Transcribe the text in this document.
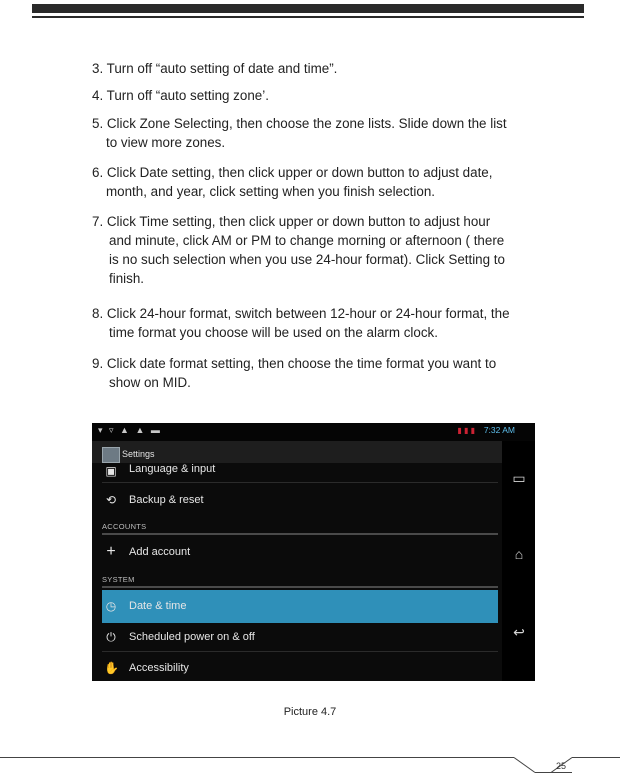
3. Turn off “auto setting of date and time”.
4. Turn off “auto setting zone’.
5. Click Zone Selecting, then choose the zone lists. Slide down the list
to view more zones.
6. Click Date setting, then click upper or down button to adjust date,
month, and year, click setting when you finish selection.
7. Click Time setting, then click upper or down button to adjust hour
and minute, click AM or PM to change morning or afternoon ( there
is no such selection when you use 24-hour format). Click Setting to
finish.
8. Click 24-hour format, switch between 12-hour or 24-hour format, the
time format you choose will be used on the alarm clock.
9. Click date format setting, then choose the time format you want to
show on MID.
▾ ▿ ▲ ▲ ▬	▮ ▮ ▮ 7:32 AM
Settings
▣ Language & input
⟲ Backup & reset
ACCOUNTS
+ Add account
SYSTEM
◷ Date & time
⏻ Scheduled power on & off
✋ Accessibility
▭
⌂
↩
Picture 4.7
25
